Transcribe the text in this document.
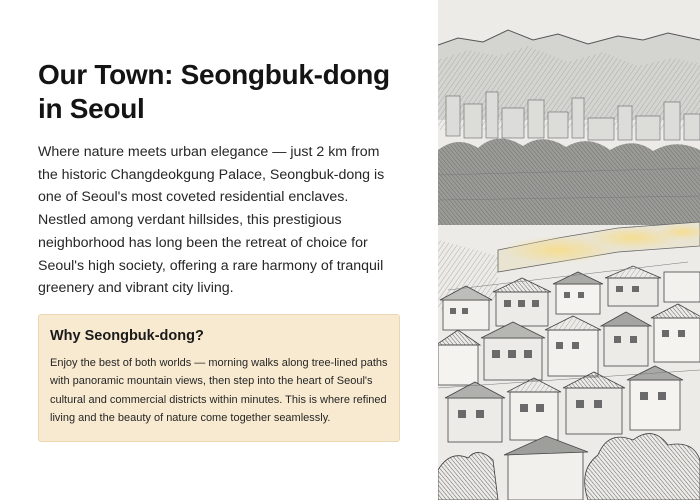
Our Town: Seongbuk-dong in Seoul

Where nature meets urban elegance — just 2 km from the historic Changdeokgung Palace, Seongbuk-dong is one of Seoul's most coveted residential enclaves. Nestled among verdant hillsides, this prestigious neighborhood has long been the retreat of choice for Seoul's high society, offering a rare harmony of tranquil greenery and vibrant city living.

Why Seongbuk-dong?

Enjoy the best of both worlds — morning walks along tree-lined paths with panoramic mountain views, then step into the heart of Seoul's cultural and commercial districts within minutes. This is where refined living and the beauty of nature come together seamlessly.
